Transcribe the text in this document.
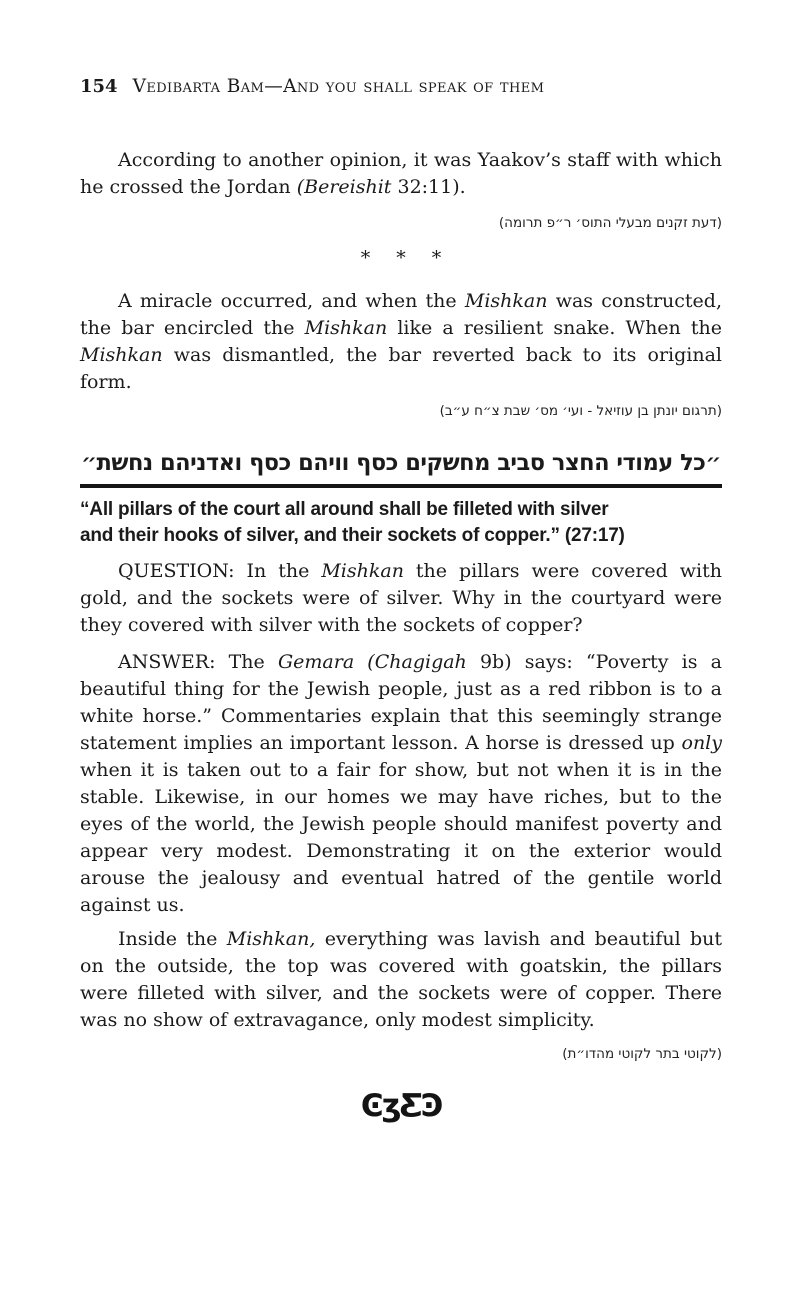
154 Vedibarta Bam—And you shall speak of them

According to another opinion, it was Yaakov’s staff with which he crossed the Jordan (Bereishit 32:11).

(דעת זקנים מבעלי התוס׳ ר״פ תרומה)
* * *

A miracle occurred, and when the Mishkan was constructed, the bar encircled the Mishkan like a resilient snake. When the Mishkan was dismantled, the bar reverted back to its original form.

(תרגום יונתן בן עוזיאל - ועי׳ מס׳ שבת צ״ח ע״ב)
״כל עמודי החצר סביב מחשקים כסף וויהם כסף ואדניהם נחשת״
“All pillars of the court all around shall be filleted with silver
and their hooks of silver, and their sockets of copper.” (27:17)

QUESTION: In the Mishkan the pillars were covered with gold, and the sockets were of silver. Why in the courtyard were they covered with silver with the sockets of copper?

ANSWER: The Gemara (Chagigah 9b) says: “Poverty is a beautiful thing for the Jewish people, just as a red ribbon is to a white horse.” Commentaries explain that this seemingly strange statement implies an important lesson. A horse is dressed up only when it is taken out to a fair for show, but not when it is in the stable. Likewise, in our homes we may have riches, but to the eyes of the world, the Jewish people should manifest poverty and appear very modest. Demonstrating it on the exterior would arouse the jealousy and eventual hatred of the gentile world against us.

Inside the Mishkan, everything was lavish and beautiful but on the outside, the top was covered with goatskin, the pillars were filleted with silver, and the sockets were of copper. There was no show of extravagance, only modest simplicity.

(לקוטי בתר לקוטי מהדו״ת)
ϾʒƸϿ
